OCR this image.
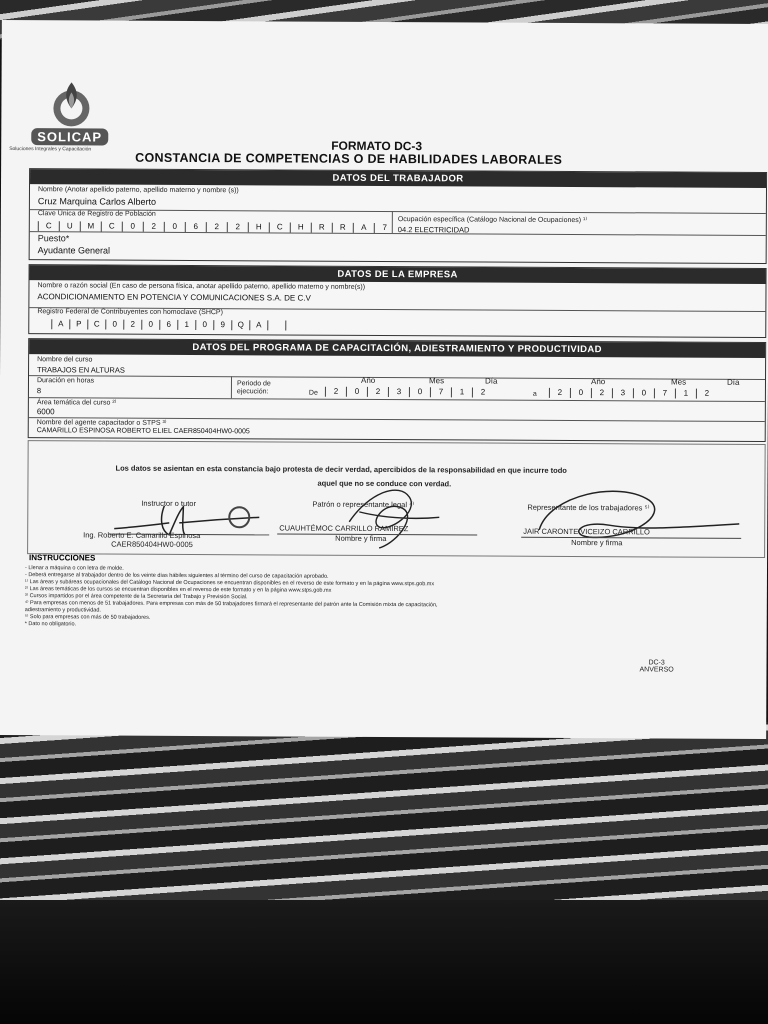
SOLICAP
Soluciones Integrales y Capacitación	FORMATO DC-3
CONSTANCIA DE COMPETENCIAS O DE HABILIDADES LABORALES
DATOS DEL TRABAJADOR
Nombre (Anotar apellido paterno, apellido materno y nombre (s))
Cruz Marquina Carlos Alberto
Clave Única de Registro de Población
C	U	M	C	0	2	0	6	2	2	H	C	H	R	R	A	7
Ocupación específica (Catálogo Nacional de Ocupaciones) ¹⁾
04.2 ELECTRICIDAD
Puesto*
Ayudante General
DATOS DE LA EMPRESA
Nombre o razón social (En caso de persona física, anotar apellido paterno, apellido materno y nombre(s))
ACONDICIONAMIENTO EN POTENCIA Y COMUNICACIONES S.A. DE C.V
Registro Federal de Contribuyentes con homoclave (SHCP)
A	P	C	0	2	0	6	1	0	9	Q	A
DATOS DEL PROGRAMA DE CAPACITACIÓN, ADIESTRAMIENTO Y PRODUCTIVIDAD
Nombre del curso
TRABAJOS EN ALTURAS
Duración en horas
8
Periodo de ejecución:	De
Año	Mes	Día
2	0	2	3	0	7	1	2	a
Año	Mes	Día
2	0	2	3	0	7	1	2
Área temática del curso ²⁾
6000
Nombre del agente capacitador o STPS ³⁾
CAMARILLO ESPINOSA ROBERTO ELIEL CAER850404HW0-0005
Los datos se asientan en esta constancia bajo protesta de decir verdad, apercibidos de la responsabilidad en que incurre todo
aquel que no se conduce con verdad.
Instructor o tutor
Ing. Roberto E. Camarillo Espinosa
CAER850404HW0-0005
Patrón o representante legal ⁴⁾
CUAUHTÉMOC CARRILLO RAMÍREZ
Nombre y firma
Representante de los trabajadores ⁵⁾
JAIR CARONTE VICEIZO CARRILLO
Nombre y firma
INSTRUCCIONES
- Llenar a máquina o con letra de molde.
- Deberá entregarse al trabajador dentro de los veinte días hábiles siguientes al término del curso de capacitación aprobado.
¹⁾ Las áreas y subáreas ocupacionales del Catálogo Nacional de Ocupaciones se encuentran disponibles en el reverso de este formato y en la página www.stps.gob.mx
²⁾ Las áreas temáticas de los cursos se encuentran disponibles en el reverso de este formato y en la página www.stps.gob.mx
³⁾ Cursos impartidos por el área competente de la Secretaría del Trabajo y Previsión Social.
⁴⁾ Para empresas con menos de 51 trabajadores. Para empresas con más de 50 trabajadores firmará el representante del patrón ante la Comisión mixta de capacitación,
adiestramiento y productividad.
⁵⁾ Solo para empresas con más de 50 trabajadores.
* Dato no obligatorio.
DC-3
ANVERSO
